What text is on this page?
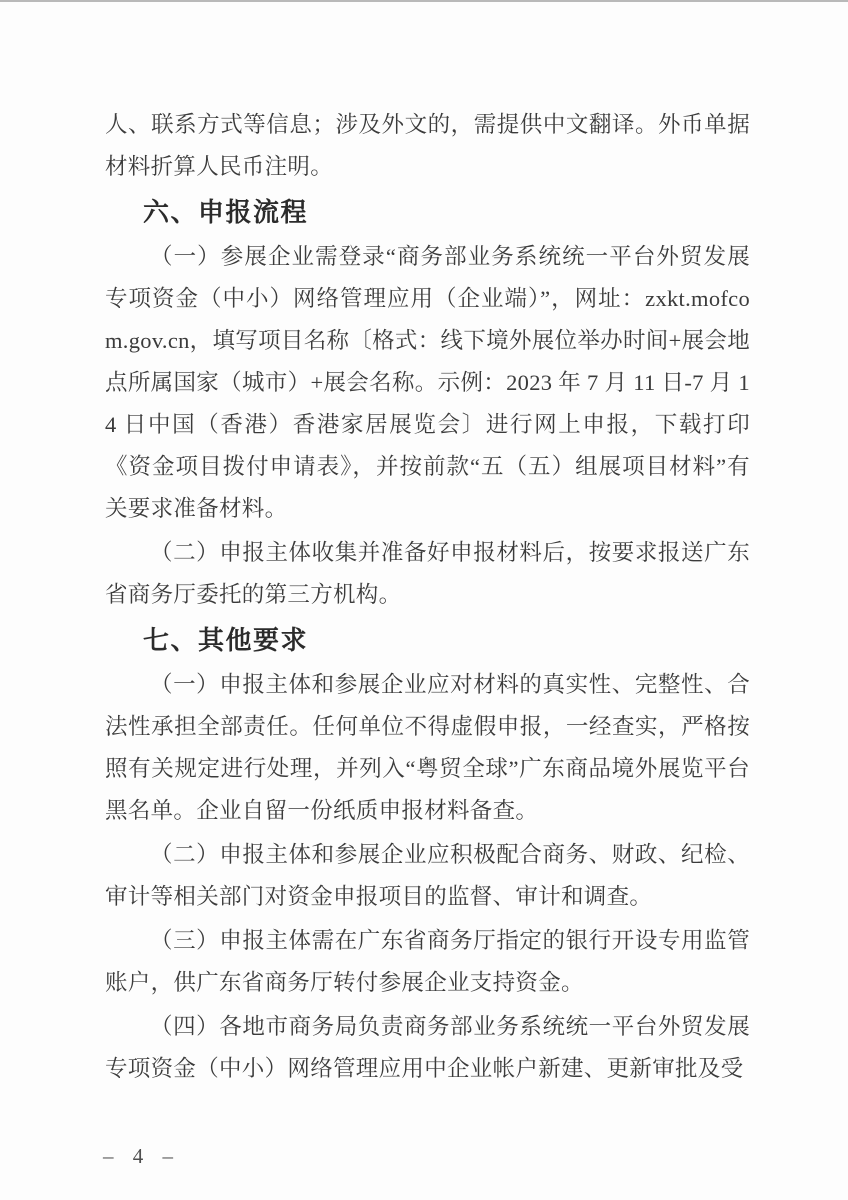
人、联系方式等信息；涉及外文的，需提供中文翻译。外币单据材料折算人民币注明。

六、申报流程

（一）参展企业需登录“商务部业务系统统一平台外贸发展专项资金（中小）网络管理应用（企业端）”，网址：zxkt.mofcom.gov.cn，填写项目名称〔格式：线下境外展位举办时间+展会地点所属国家（城市）+展会名称。示例：2023 年 7 月 11 日-7 月 14 日中国（香港）香港家居展览会〕进行网上申报，下载打印《资金项目拨付申请表》，并按前款“五（五）组展项目材料”有关要求准备材料。

（二）申报主体收集并准备好申报材料后，按要求报送广东省商务厅委托的第三方机构。

七、其他要求

（一）申报主体和参展企业应对材料的真实性、完整性、合法性承担全部责任。任何单位不得虚假申报，一经查实，严格按照有关规定进行处理，并列入“粤贸全球”广东商品境外展览平台黑名单。企业自留一份纸质申报材料备查。

（二）申报主体和参展企业应积极配合商务、财政、纪检、审计等相关部门对资金申报项目的监督、审计和调查。

（三）申报主体需在广东省商务厅指定的银行开设专用监管账户，供广东省商务厅转付参展企业支持资金。

（四）各地市商务局负责商务部业务系统统一平台外贸发展专项资金（中小）网络管理应用中企业帐户新建、更新审批及受

– 4 –
